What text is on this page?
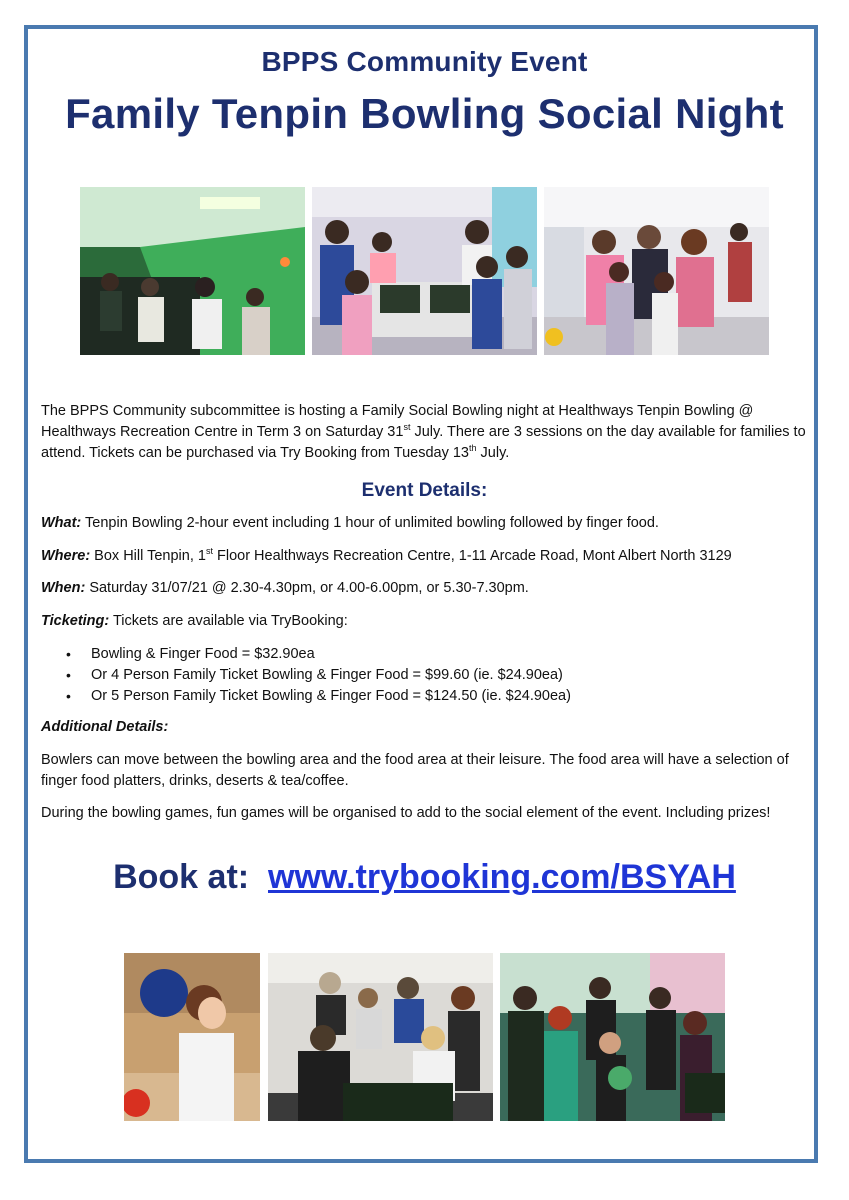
BPPS Community Event
Family Tenpin Bowling Social Night

The BPPS Community subcommittee is hosting a Family Social Bowling night at Healthways Tenpin Bowling @ Healthways Recreation Centre in Term 3 on Saturday 31st July. There are 3 sessions on the day available for families to attend. Tickets can be purchased via Try Booking from Tuesday 13th July.

Event Details:

What: Tenpin Bowling 2-hour event including 1 hour of unlimited bowling followed by finger food.

Where: Box Hill Tenpin, 1st Floor Healthways Recreation Centre, 1-11 Arcade Road, Mont Albert North 3129

When: Saturday 31/07/21 @ 2.30-4.30pm, or 4.00-6.00pm, or 5.30-7.30pm.

Ticketing: Tickets are available via TryBooking:

• Bowling & Finger Food = $32.90ea
• Or 4 Person Family Ticket Bowling & Finger Food = $99.60 (ie. $24.90ea)
• Or 5 Person Family Ticket Bowling & Finger Food = $124.50 (ie. $24.90ea)

Additional Details:

Bowlers can move between the bowling area and the food area at their leisure. The food area will have a selection of finger food platters, drinks, deserts & tea/coffee.

During the bowling games, fun games will be organised to add to the social element of the event. Including prizes!

Book at: www.trybooking.com/BSYAH
